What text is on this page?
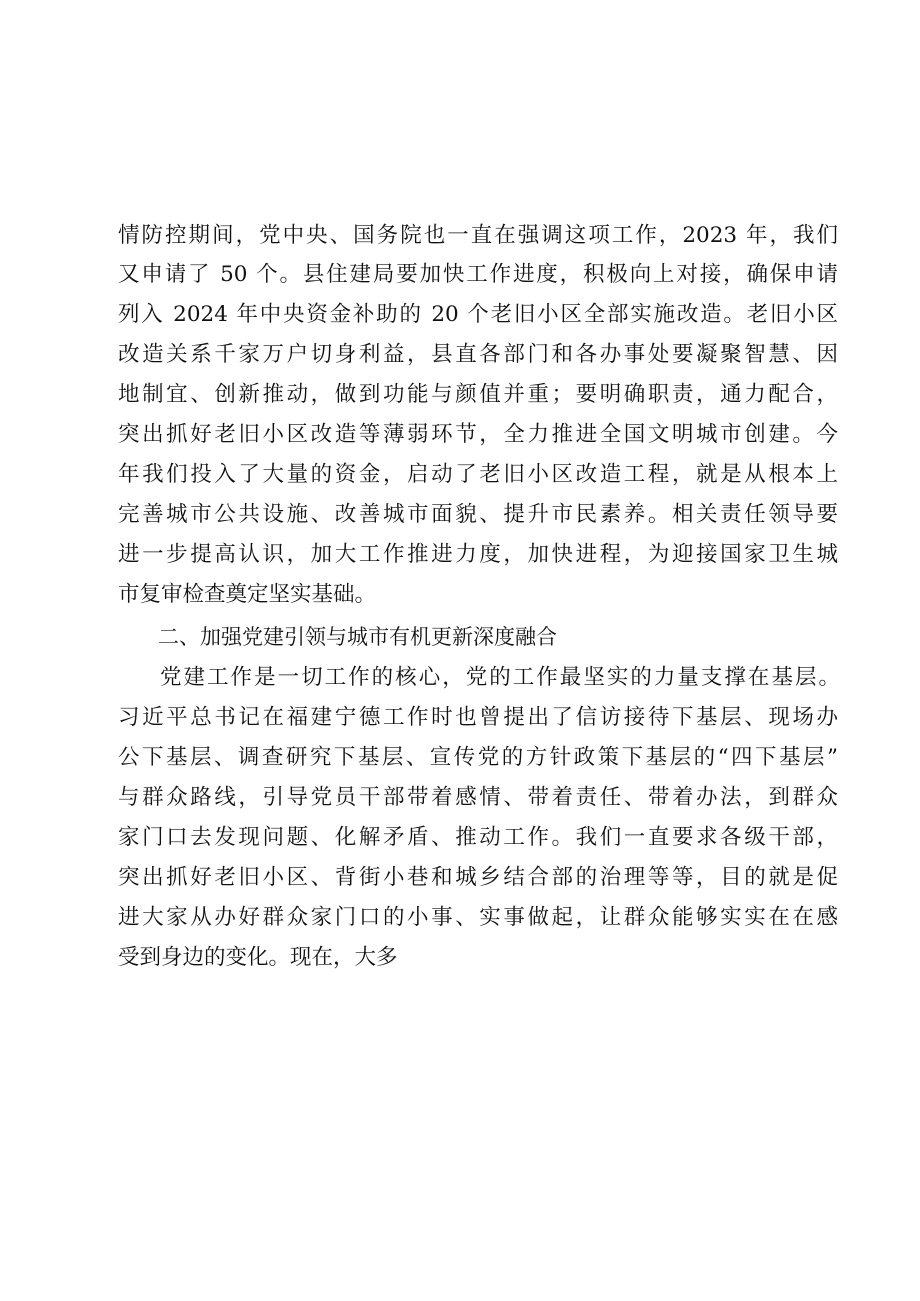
情防控期间，党中央、国务院也一直在强调这项工作，2023 年，我们
又申请了 50 个。县住建局要加快工作进度，积极向上对接，确保申请
列入 2024 年中央资金补助的 20 个老旧小区全部实施改造。老旧小区
改造关系千家万户切身利益，县直各部门和各办事处要凝聚智慧、因
地制宜、创新推动，做到功能与颜值并重；要明确职责，通力配合，
突出抓好老旧小区改造等薄弱环节，全力推进全国文明城市创建。今
年我们投入了大量的资金，启动了老旧小区改造工程，就是从根本上
完善城市公共设施、改善城市面貌、提升市民素养。相关责任领导要
进一步提高认识，加大工作推进力度，加快进程，为迎接国家卫生城
市复审检查奠定坚实基础。
二、加强党建引领与城市有机更新深度融合
党建工作是一切工作的核心，党的工作最坚实的力量支撑在基层。
习近平总书记在福建宁德工作时也曾提出了信访接待下基层、现场办
公下基层、调查研究下基层、宣传党的方针政策下基层的“四下基层”
与群众路线，引导党员干部带着感情、带着责任、带着办法，到群众
家门口去发现问题、化解矛盾、推动工作。我们一直要求各级干部，
突出抓好老旧小区、背街小巷和城乡结合部的治理等等，目的就是促
进大家从办好群众家门口的小事、实事做起，让群众能够实实在在感
受到身边的变化。现在，大多
